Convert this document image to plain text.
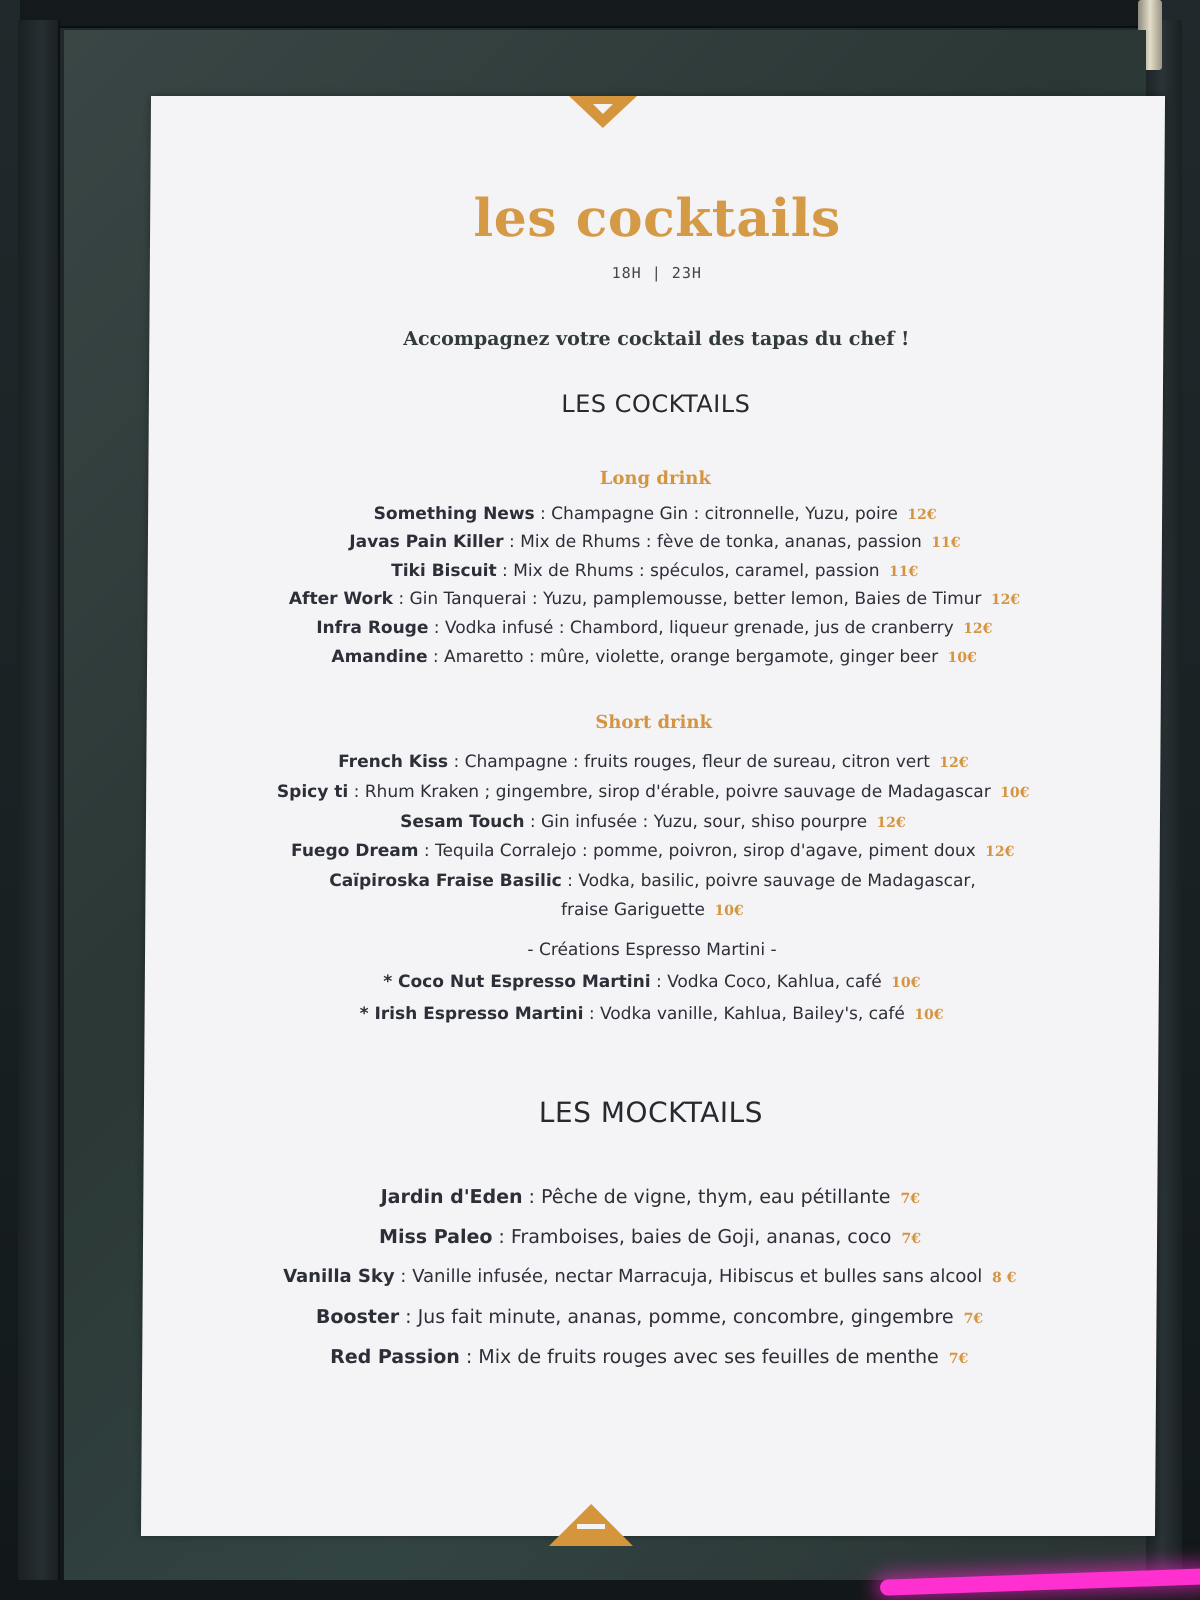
les cocktails
18H | 23H
Accompagnez votre cocktail des tapas du chef !
LES COCKTAILS
Long drink
Something News : Champagne Gin : citronnelle, Yuzu, poire 12€
Javas Pain Killer : Mix de Rhums : fève de tonka, ananas, passion 11€
Tiki Biscuit : Mix de Rhums : spéculos, caramel, passion 11€
After Work : Gin Tanquerai : Yuzu, pamplemousse, better lemon, Baies de Timur 12€
Infra Rouge : Vodka infusé : Chambord, liqueur grenade, jus de cranberry 12€
Amandine : Amaretto : mûre, violette, orange bergamote, ginger beer 10€
Short drink
French Kiss : Champagne : fruits rouges, fleur de sureau, citron vert 12€
Spicy ti : Rhum Kraken ; gingembre, sirop d'érable, poivre sauvage de Madagascar 10€
Sesam Touch : Gin infusée : Yuzu, sour, shiso pourpre 12€
Fuego Dream : Tequila Corralejo : pomme, poivron, sirop d'agave, piment doux 12€
Caïpiroska Fraise Basilic : Vodka, basilic, poivre sauvage de Madagascar,
fraise Gariguette 10€
- Créations Espresso Martini -
* Coco Nut Espresso Martini : Vodka Coco, Kahlua, café 10€
* Irish Espresso Martini : Vodka vanille, Kahlua, Bailey's, café 10€
LES MOCKTAILS
Jardin d'Eden : Pêche de vigne, thym, eau pétillante 7€
Miss Paleo : Framboises, baies de Goji, ananas, coco 7€
Vanilla Sky : Vanille infusée, nectar Marracuja, Hibiscus et bulles sans alcool 8 €
Booster : Jus fait minute, ananas, pomme, concombre, gingembre 7€
Red Passion : Mix de fruits rouges avec ses feuilles de menthe 7€
